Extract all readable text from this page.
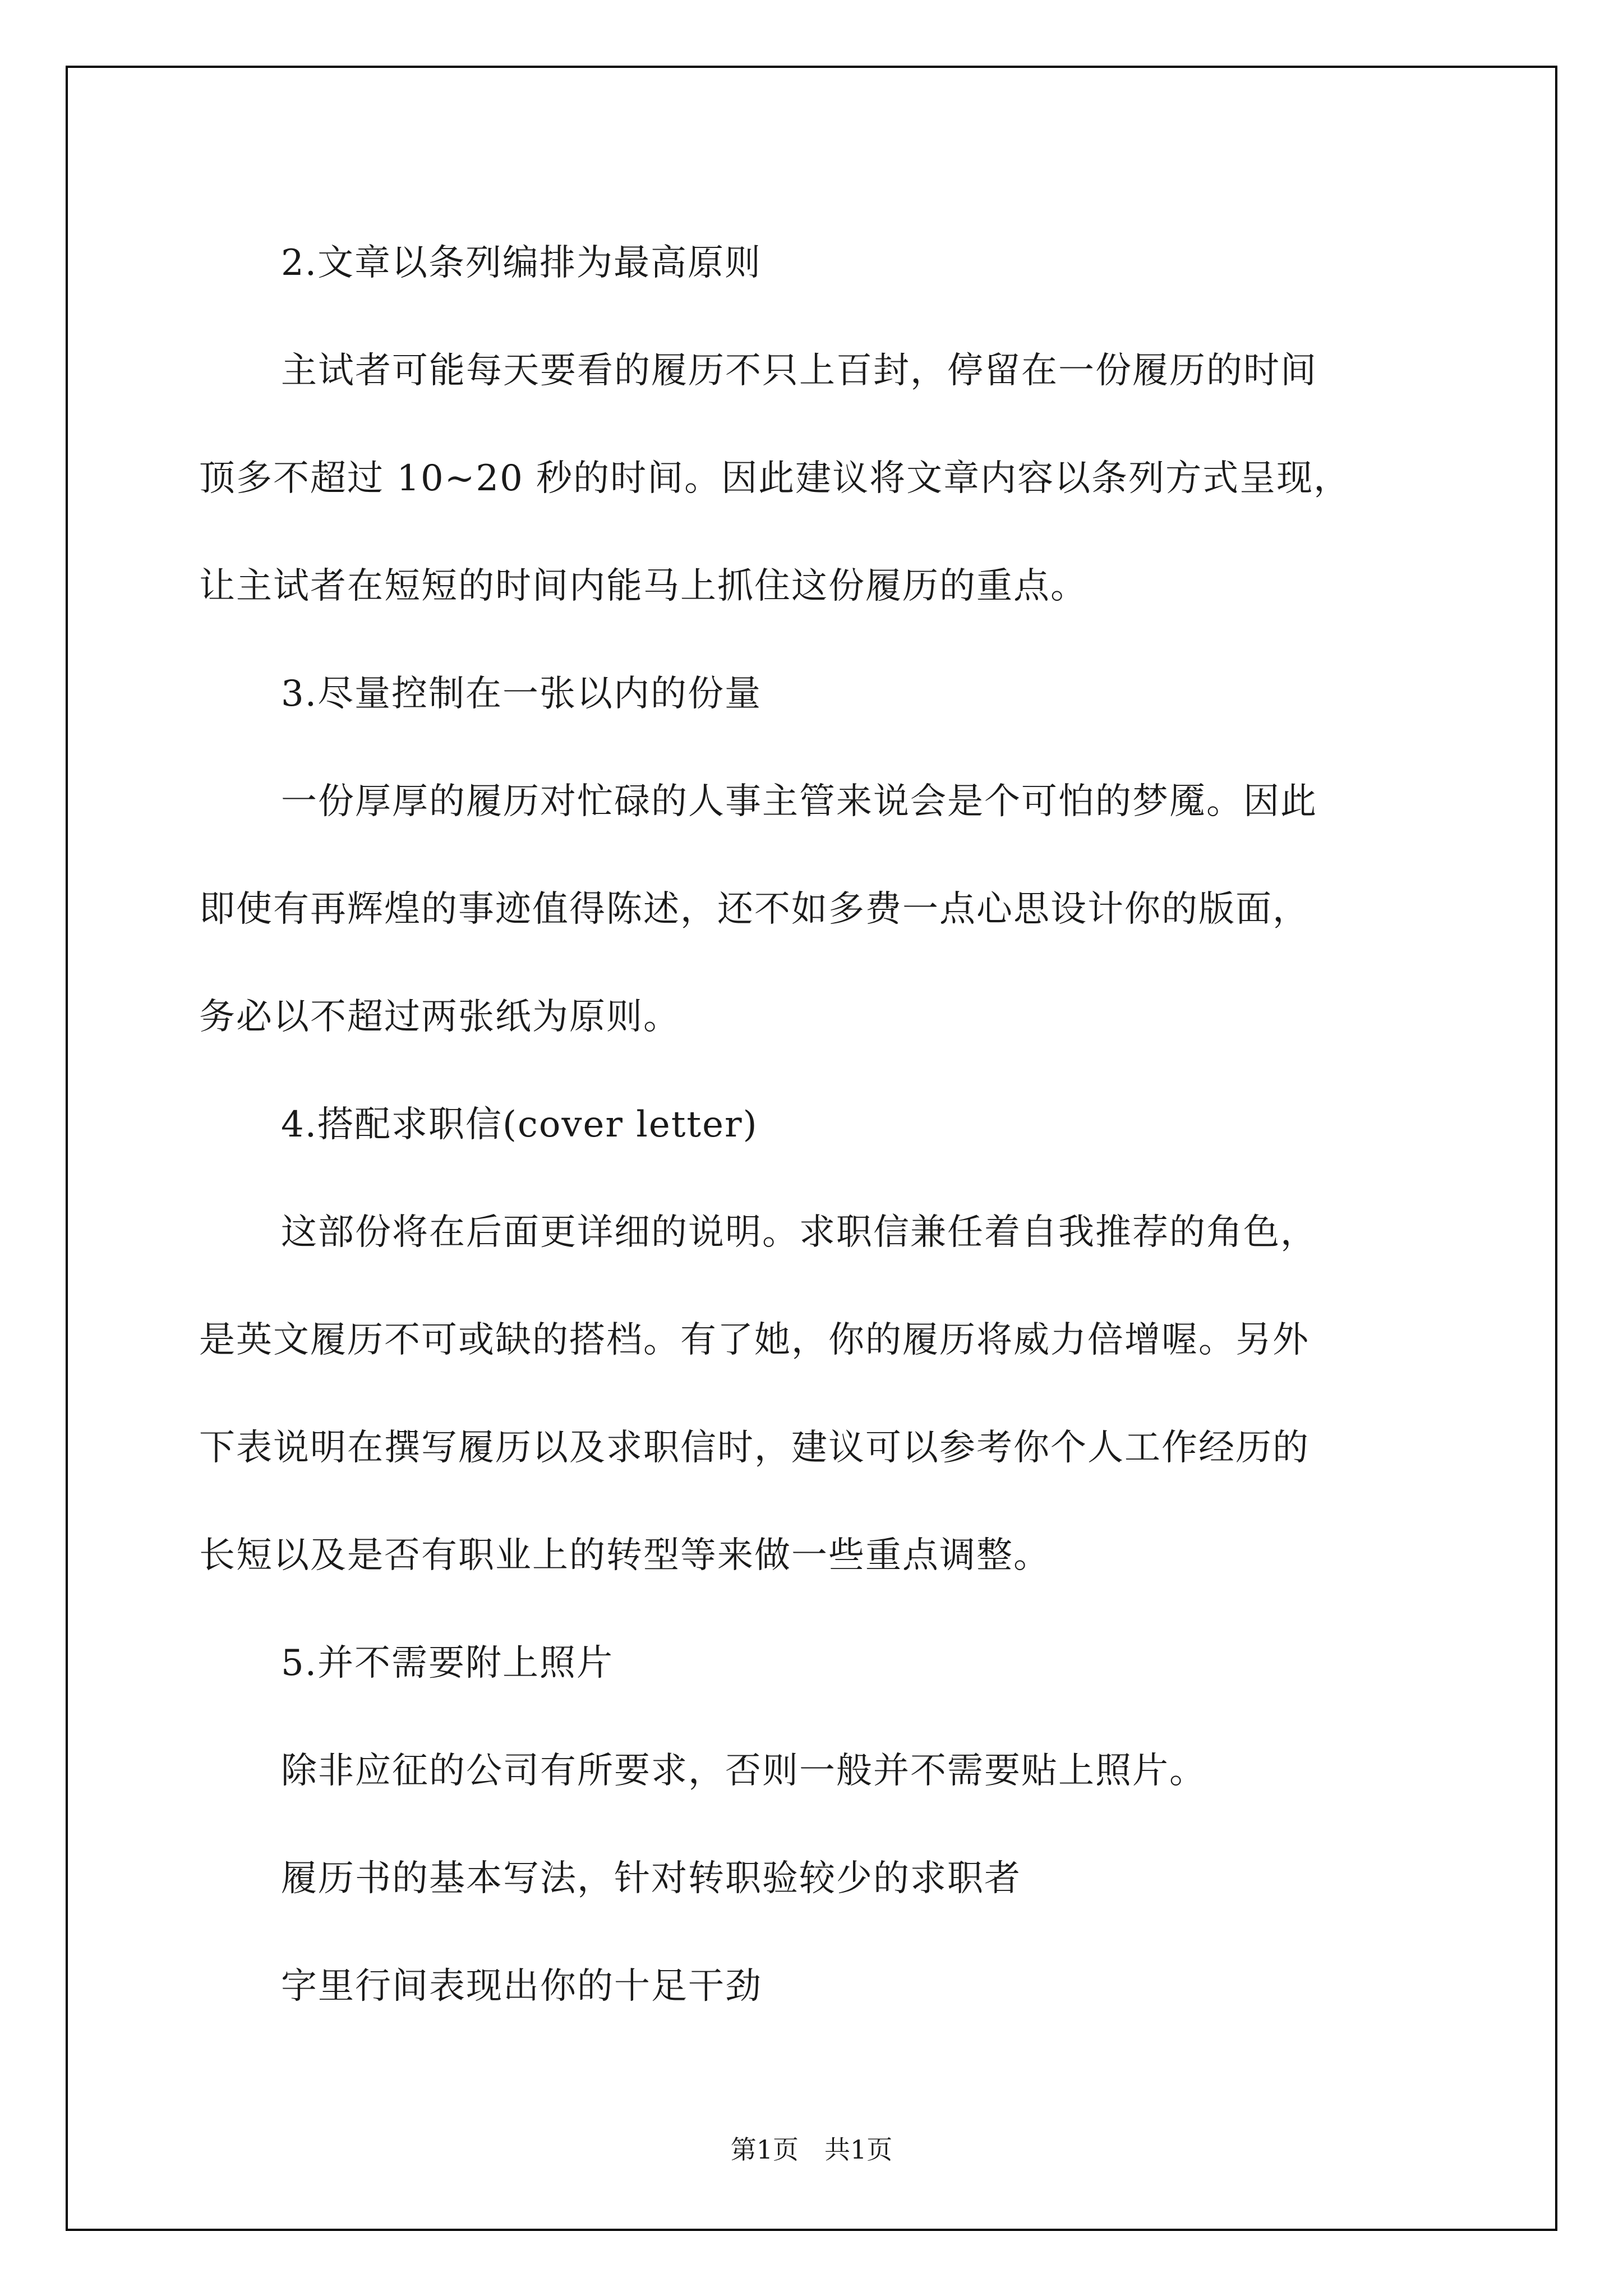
2.文章以条列编排为最高原则
主试者可能每天要看的履历不只上百封，停留在一份履历的时间
顶多不超过 10~20 秒的时间。因此建议将文章内容以条列方式呈现，
让主试者在短短的时间内能马上抓住这份履历的重点。
3.尽量控制在一张以内的份量
一份厚厚的履历对忙碌的人事主管来说会是个可怕的梦魇。因此
即使有再辉煌的事迹值得陈述，还不如多费一点心思设计你的版面，
务必以不超过两张纸为原则。
4.搭配求职信(cover letter)
这部份将在后面更详细的说明。求职信兼任着自我推荐的角色，
是英文履历不可或缺的搭档。有了她，你的履历将威力倍增喔。另外
下表说明在撰写履历以及求职信时，建议可以参考你个人工作经历的
长短以及是否有职业上的转型等来做一些重点调整。
5.并不需要附上照片
除非应征的公司有所要求，否则一般并不需要贴上照片。
履历书的基本写法，针对转职验较少的求职者
字里行间表现出你的十足干劲
第1页　共1页
